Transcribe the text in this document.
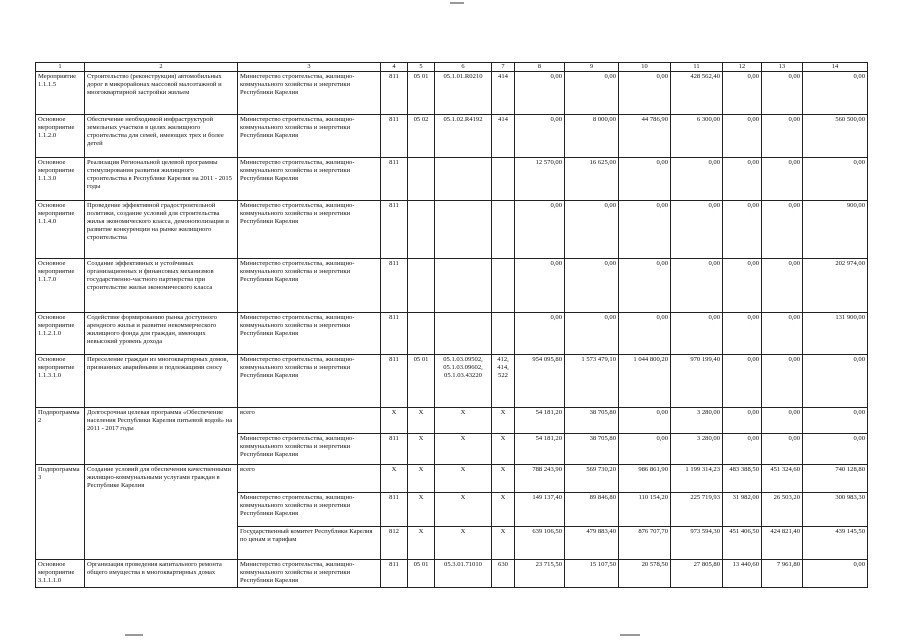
1	2	3	4	5	6	7	8	9	10	11	12	13	14
Мероприятие 1.1.1.5	Строительство (реконструкция) автомобильных дорог в микрорайонах массовой малоэтажной и многоквартирной застройки жильем	Министерство строительства, жилищно-коммунального хозяйства и энергетики Республики Карелия	811	05 01	05.1.01.R0210	414	0,00	0,00	0,00	428 562,40	0,00	0,00	0,00
Основное мероприятие 1.1.2.0	Обеспечение необходимой инфраструктурой земельных участков в целях жилищного строительства для семей, имеющих трех и более детей	Министерство строительства, жилищно-коммунального хозяйства и энергетики Республики Карелия	811	05 02	05.1.02.R4192	414	0,00	8 000,00	44 786,90	6 300,00	0,00	0,00	560 500,00
Основное мероприятие 1.1.3.0	Реализация Региональной целевой программы стимулирования развития жилищного строительства в Республике Карелия на 2011 - 2015 годы	Министерство строительства, жилищно-коммунального хозяйства и энергетики Республики Карелия	811				12 570,00	16 625,00	0,00	0,00	0,00	0,00	0,00
Основное мероприятие 1.1.4.0	Проведение эффективной градостроительной политики, создание условий для строительства жилья экономического класса, демонополизация и развитие конкуренции на рынке жилищного строительства	Министерство строительства, жилищно-коммунального хозяйства и энергетики Республики Карелия	811				0,00	0,00	0,00	0,00	0,00	0,00	900,00
Основное мероприятие 1.1.7.0	Создание эффективных и устойчивых организационных и финансовых механизмов государственно-частного партнерства при строительстве жилья экономического класса	Министерство строительства, жилищно-коммунального хозяйства и энергетики Республики Карелия	811				0,00	0,00	0,00	0,00	0,00	0,00	202 974,00
Основное мероприятие 1.1.2.1.0	Содействие формированию рынка доступного арендного жилья и развитие некоммерческого жилищного фонда для граждан, имеющих невысокий уровень дохода	Министерство строительства, жилищно-коммунального хозяйства и энергетики Республики Карелия	811				0,00	0,00	0,00	0,00	0,00	0,00	131 900,00
Основное мероприятие 1.1.3.1.0	Переселение граждан из многоквартирных домов, признанных аварийными и подлежащими сносу	Министерство строительства, жилищно-коммунального хозяйства и энергетики Республики Карелия	811	05 01	05.1.03.09502, 05.1.03.09602, 05.1.03.43220	412, 414, 522	954 095,80	1 573 479,10	1 044 800,20	970 199,40	0,00	0,00	0,00
Подпрограмма 2	Долгосрочная целевая программа «Обеспечение населения Республики Карелия питьевой водой» на 2011 - 2017 годы	всего	X	X	X	X	54 181,20	38 705,80	0,00	3 280,00	0,00	0,00	0,00
		Министерство строительства, жилищно-коммунального хозяйства и энергетики Республики Карелия	811	X	X	X	54 181,20	38 705,80	0,00	3 280,00	0,00	0,00	0,00
Подпрограмма 3	Создание условий для обеспечения качественными жилищно-коммунальными услугами граждан в Республике Карелия	всего	X	X	X	X	788 243,90	569 730,20	986 861,90	1 199 314,23	483 388,50	451 324,60	740 128,80
		Министерство строительства, жилищно-коммунального хозяйства и энергетики Республики Карелия	811	X	X	X	149 137,40	89 846,80	110 154,20	225 719,93	31 982,00	26 503,20	300 983,30
		Государственный комитет Республики Карелия по ценам и тарифам	812	X	X	X	639 106,50	479 883,40	876 707,70	973 594,30	451 406,50	424 821,40	439 145,50
Основное мероприятие 3.1.1.1.0	Организация проведения капитального ремонта общего имущества в многоквартирных домах	Министерство строительства, жилищно-коммунального хозяйства и энергетики Республики Карелия	811	05 01	05.3.01.71010	630	23 715,50	15 107,50	20 578,50	27 805,80	13 440,60	7 961,80	0,00
